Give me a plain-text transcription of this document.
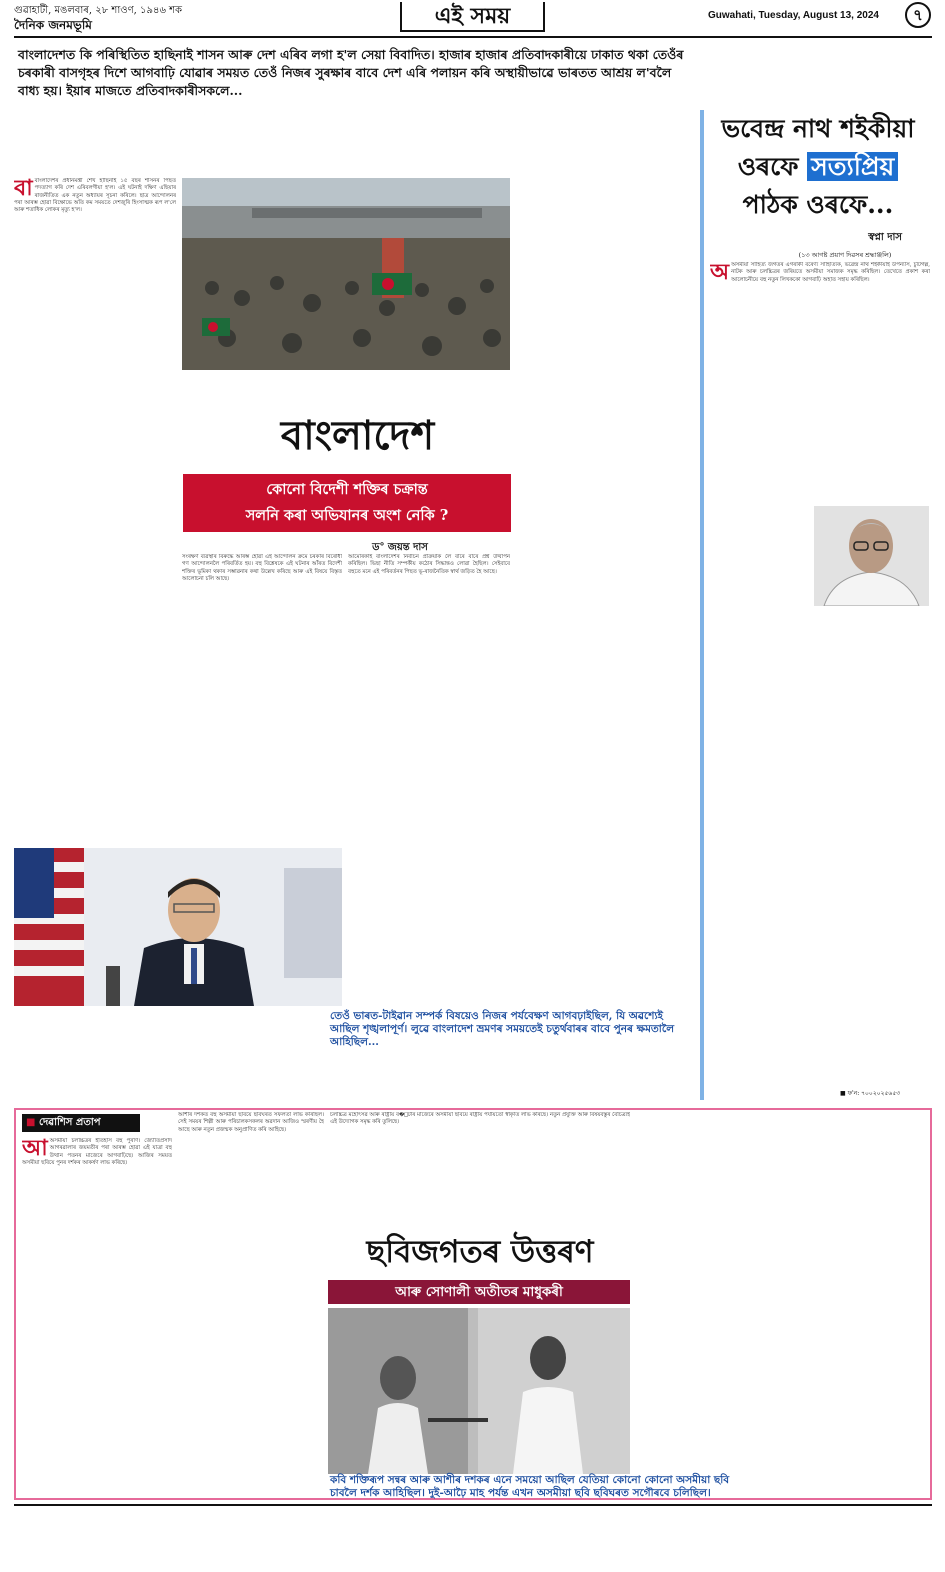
গুৱাহাটী, মঙলবাৰ, ২৮ শাওণ, ১৯৪৬ শক
দৈনিক জনমভূমি	এই সময়	Guwahati, Tuesday, August 13, 2024	৭
বাংলাদেশত কি পৰিস্থিতিত হাছিনাই শাসন আৰু দেশ এৰিব লগা হ'ল সেয়া বিবাদিত। হাজাৰ হাজাৰ প্ৰতিবাদকাৰীয়ে ঢাকাত থকা তেওঁৰ চৰকাৰী বাসগৃহৰ দিশে আগবাঢ়ি যোৱাৰ সময়ত তেওঁ নিজৰ সুৰক্ষাৰ বাবে দেশ এৰি পলায়ন কৰি অস্থায়ীভাৱে ভাৰতত আশ্ৰয় ল'বলৈ বাধ্য হয়। ইয়াৰ মাজতে প্ৰতিবাদকাৰীসকলে...

বাবাংলাদেশৰ প্ৰধানমন্ত্ৰী শেখ হাছিনাই ১৫ বছৰ শাসনৰ পিছত পদত্যাগ কৰি দেশ এৰিবলগীয়া হ'ল। এই ঘটনাই দক্ষিণ এছিয়াৰ ৰাজনীতিত এক নতুন অধ্যায়ৰ সূচনা কৰিলে। ছাত্ৰ আন্দোলনৰ পৰা আৰম্ভ হোৱা বিক্ষোভে অতি কম সময়তে দেশজুৰি হিংসাত্মক ৰূপ ল'লে আৰু শতাধিক লোকৰ মৃত্যু হ'ল।

বাংলাদেশ
কোনো বিদেশী শক্তিৰ চক্ৰান্ত
সলনি কৰা অভিযানৰ অংশ নেকি ?
ড° জয়ন্ত দাস

সংৰক্ষণ ব্যৱস্থাৰ বিৰুদ্ধে আৰম্ভ হোৱা এই আন্দোলন ক্ৰমে চৰকাৰ বিৰোধী গণ আন্দোলনলৈ পৰিবৰ্তিত হয়। বহু বিশ্লেষকে এই ঘটনাৰ আঁৰত বিদেশী শক্তিৰ ভূমিকা থকাৰ সম্ভাৱনাৰ কথা উল্লেখ কৰিছে আৰু এই বিষয়ে বিস্তৃত আলোচনা চলি আছে।

আমেৰিকাই বাংলাদেশৰ নিৰ্বাচন প্ৰক্ৰিয়াক লৈ বাৰে বাৰে প্ৰশ্ন উত্থাপন কৰিছিল। ভিছা নীতি সম্পৰ্কীয় কঠোৰ সিদ্ধান্তও লোৱা হৈছিল। সেইবাবে বহুতে মনে এই পৰিবৰ্তনৰ পিছত ভূ-ৰাজনৈতিক স্বাৰ্থ জড়িত হৈ আছে।

তেওঁ ভাৰত-টাইৱান সম্পৰ্ক বিষয়েও নিজৰ পৰ্যবেক্ষণ আগবঢ়াইছিল, যি অৱশ্যেই আছিল শৃঙ্খলাপূৰ্ণ। লুৱে বাংলাদেশ ভ্ৰমণৰ সময়তেই চতুৰ্থবাৰৰ বাবে পুনৰ ক্ষমতালৈ আহিছিল...
ভবেন্দ্ৰ নাথ শইকীয়া
ওৰফে সত্যপ্ৰিয়
পাঠক ওৰফে...
স্বপ্না দাস
(১৩ আগষ্ট প্ৰয়াণ দিৱসৰ শ্ৰদ্ধাঞ্জলি)

অঅসমীয়া সাহিত্য জগতৰ এগৰাকী বৰেণ্য সাহিত্যিক, ভৱেন্দ্ৰ নাথ শইকীয়াই উপন্যাস, চুটিগল্প, নাটক আৰু চলচ্চিত্ৰৰ জৰিয়তে অসমীয়া সমাজক সমৃদ্ধ কৰিছিল। তেখেতে প্ৰকাশ কৰা আলোচনীয়ে বহু নতুন লিখককো আগবাঢ়ি অহাত সহায় কৰিছিল।

■ ফ'ন: ৭০০২০২৫৬৫৩
■ দেৱাশিস প্ৰতাপ

আঅসমীয়া চলচ্চিত্ৰৰ ইতিহাস বহু পুৰণি। জ্যোতিপ্ৰসাদ আগৰৱালাৰ জয়মতীৰ পৰা আৰম্ভ হোৱা এই যাত্ৰা বহু উত্থান পতনৰ মাজেৰে আগবাঢ়িছে। আজিৰ সময়ত অসমীয়া ছবিয়ে পুনৰ দৰ্শকৰ আকৰ্ষণ লাভ কৰিছে।

আশীৰ দশকত বহু অসমীয়া ছবিয়ে ছবিঘৰত সফলতা লাভ কৰিছিল। সেই সময়ৰ শিল্পী আৰু পৰিচালকসকলৰ অৱদান আজিও স্মৰণীয় হৈ আছে আৰু নতুন প্ৰজন্মক অনুপ্ৰাণিত কৰি আহিছে।

চলচ্চিত্ৰ মহোৎসৱ আৰু ৰাষ্ট্ৰীয় ব�ঁটাৰ মাজেৰে অসমীয়া ছবিয়ে ৰাষ্ট্ৰীয় পৰ্যায়তো স্বীকৃতি লাভ কৰিছে। নতুন প্ৰযুক্তি আৰু বিষয়বস্তুৰ বৈচিত্ৰ্যই এই উদ্যোগক সমৃদ্ধ কৰি তুলিছে।

ছবিজগতৰ উত্তৰণ
আৰু সোণালী অতীতৰ মাধুকৰী
কবি শক্তিৰূপ সন্বৰ আৰু আশীৰ দশকৰ এনে সময়ো আছিল যেতিয়া কোনো কোনো অসমীয়া ছবি চাবলৈ দৰ্শক আহিছিল। দুই-আঢ়ৈ মাহ পৰ্যন্ত এখন অসমীয়া ছবি ছবিঘৰত সগৌৰবে চলিছিল।
